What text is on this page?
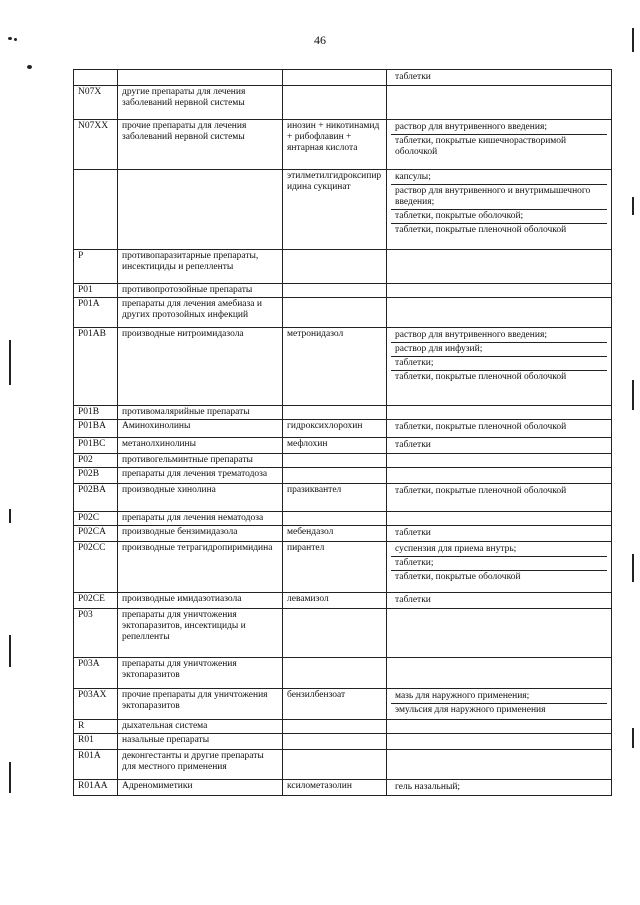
46

			таблетки

N07X	другие препараты для лечения заболеваний нервной системы		
N07XX	прочие препараты для лечения заболеваний нервной системы	инозин + никотинамид + рибофлавин + янтарная кислота	раствор для внутривенного введения;
таблетки, покрытые кишечнорастворимой оболочкой

		этилметилгидроксипиридина сукцинат	капсулы;
раствор для внутривенного и внутримышечного введения;
таблетки, покрытые оболочкой;
таблетки, покрытые пленочной оболочкой

P	противопаразитарные препараты, инсектициды и репелленты		
P01	противопротозойные препараты		
P01A	препараты для лечения амебиаза и других протозойных инфекций		
P01AB	производные нитроимидазола	метронидазол	раствор для внутривенного введения;
раствор для инфузий;
таблетки;
таблетки, покрытые пленочной оболочкой

P01B	противомалярийные препараты		
P01BA	Аминохинолины	гидроксихлорохин	таблетки, покрытые пленочной оболочкой

P01BC	метанолхинолины	мефлохин	таблетки

P02	противогельминтные препараты		
P02B	препараты для лечения трематодоза		
P02BA	производные хинолина	празиквантел	таблетки, покрытые пленочной оболочкой

P02C	препараты для лечения нематодоза		
P02CA	производные бензимидазола	мебендазол	таблетки

P02CC	производные тетрагидропиримидина	пирантел	суспензия для приема внутрь;
таблетки;
таблетки, покрытые оболочкой

P02CE	производные имидазотиазола	левамизол	таблетки

P03	препараты для уничтожения эктопаразитов, инсектициды и репелленты		
P03A	препараты для уничтожения эктопаразитов		
P03AX	прочие препараты для уничтожения эктопаразитов	бензилбензоат	мазь для наружного применения;
эмульсия для наружного применения

R	дыхательная система		
R01	назальные препараты		
R01A	деконгестанты и другие препараты для местного применения		
R01AA	Адреномиметики	ксилометазолин	гель назальный;
